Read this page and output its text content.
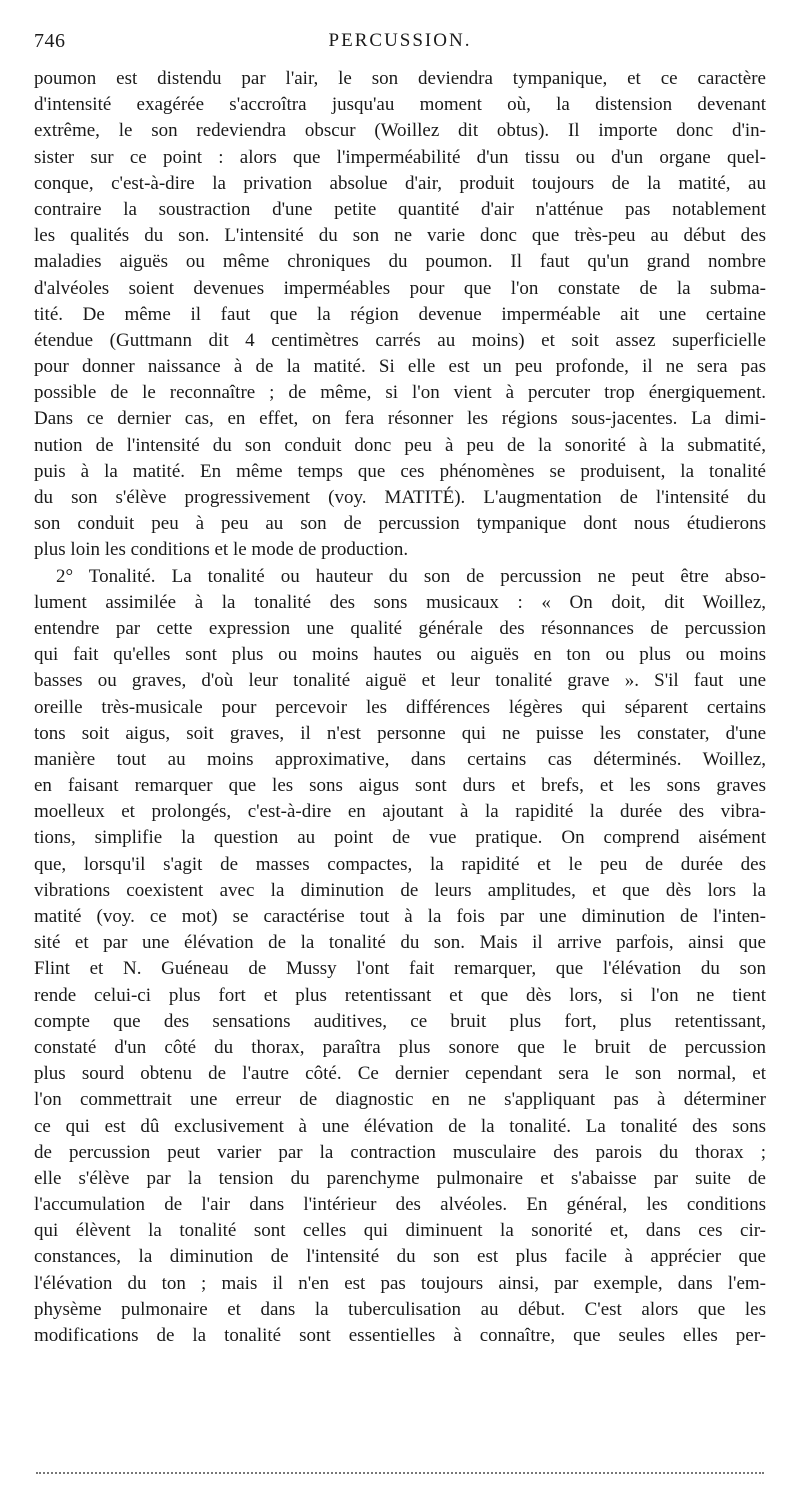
746	PERCUSSION.
poumon est distendu par l'air, le son deviendra tympanique, et ce caractère
d'intensité exagérée s'accroîtra jusqu'au moment où, la distension devenant
extrême, le son redeviendra obscur (Woillez dit obtus). Il importe donc d'in-
sister sur ce point : alors que l'imperméabilité d'un tissu ou d'un organe quel-
conque, c'est-à-dire la privation absolue d'air, produit toujours de la matité, au
contraire la soustraction d'une petite quantité d'air n'atténue pas notablement
les qualités du son. L'intensité du son ne varie donc que très-peu au début des
maladies aiguës ou même chroniques du poumon. Il faut qu'un grand nombre
d'alvéoles soient devenues imperméables pour que l'on constate de la subma-
tité. De même il faut que la région devenue imperméable ait une certaine
étendue (Guttmann dit 4 centimètres carrés au moins) et soit assez superficielle
pour donner naissance à de la matité. Si elle est un peu profonde, il ne sera pas
possible de le reconnaître ; de même, si l'on vient à percuter trop énergiquement.
Dans ce dernier cas, en effet, on fera résonner les régions sous-jacentes. La dimi-
nution de l'intensité du son conduit donc peu à peu de la sonorité à la submatité,
puis à la matité. En même temps que ces phénomènes se produisent, la tonalité
du son s'élève progressivement (voy. MATITÉ). L'augmentation de l'intensité du
son conduit peu à peu au son de percussion tympanique dont nous étudierons
plus loin les conditions et le mode de production.
2° Tonalité. La tonalité ou hauteur du son de percussion ne peut être abso-
lument assimilée à la tonalité des sons musicaux : « On doit, dit Woillez,
entendre par cette expression une qualité générale des résonnances de percussion
qui fait qu'elles sont plus ou moins hautes ou aiguës en ton ou plus ou moins
basses ou graves, d'où leur tonalité aiguë et leur tonalité grave ». S'il faut une
oreille très-musicale pour percevoir les différences légères qui séparent certains
tons soit aigus, soit graves, il n'est personne qui ne puisse les constater, d'une
manière tout au moins approximative, dans certains cas déterminés. Woillez,
en faisant remarquer que les sons aigus sont durs et brefs, et les sons graves
moelleux et prolongés, c'est-à-dire en ajoutant à la rapidité la durée des vibra-
tions, simplifie la question au point de vue pratique. On comprend aisément
que, lorsqu'il s'agit de masses compactes, la rapidité et le peu de durée des
vibrations coexistent avec la diminution de leurs amplitudes, et que dès lors la
matité (voy. ce mot) se caractérise tout à la fois par une diminution de l'inten-
sité et par une élévation de la tonalité du son. Mais il arrive parfois, ainsi que
Flint et N. Guéneau de Mussy l'ont fait remarquer, que l'élévation du son
rende celui-ci plus fort et plus retentissant et que dès lors, si l'on ne tient
compte que des sensations auditives, ce bruit plus fort, plus retentissant,
constaté d'un côté du thorax, paraîtra plus sonore que le bruit de percussion
plus sourd obtenu de l'autre côté. Ce dernier cependant sera le son normal, et
l'on commettrait une erreur de diagnostic en ne s'appliquant pas à déterminer
ce qui est dû exclusivement à une élévation de la tonalité. La tonalité des sons
de percussion peut varier par la contraction musculaire des parois du thorax ;
elle s'élève par la tension du parenchyme pulmonaire et s'abaisse par suite de
l'accumulation de l'air dans l'intérieur des alvéoles. En général, les conditions
qui élèvent la tonalité sont celles qui diminuent la sonorité et, dans ces cir-
constances, la diminution de l'intensité du son est plus facile à apprécier que
l'élévation du ton ; mais il n'en est pas toujours ainsi, par exemple, dans l'em-
physème pulmonaire et dans la tuberculisation au début. C'est alors que les
modifications de la tonalité sont essentielles à connaître, que seules elles per-
